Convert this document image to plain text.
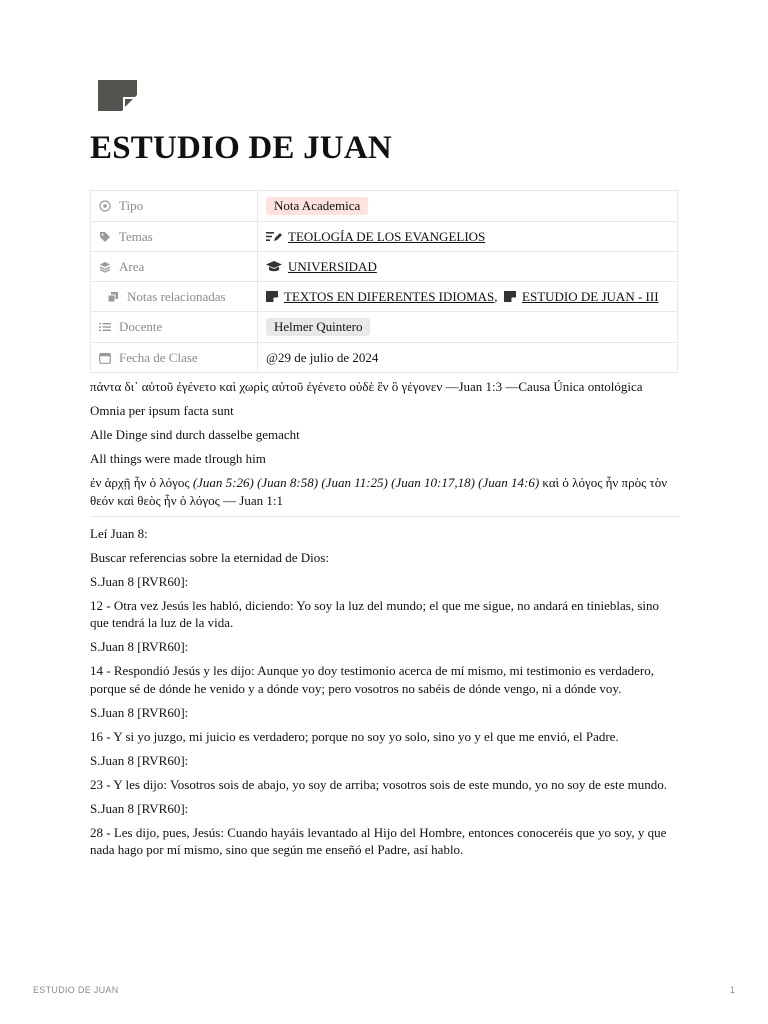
ESTUDIO DE JUAN
Tipo	Nota Academica

Temas	TEOLOGÍA DE LOS EVANGELIOS

Area	UNIVERSIDAD

Notas relacionadas	TEXTOS EN DIFERENTES IDIOMAS, ESTUDIO DE JUAN - III

Docente	Helmer Quintero

Fecha de Clase	@29 de julio de 2024

πάντα δι᾽ αὐτοῦ ἐγένετο καὶ χωρὶς αὐτοῦ ἐγένετο οὐδὲ ἓν ὃ γέγονεν —Juan 1:3 —Causa Única ontológica

Omnia per ipsum facta sunt

Alle Dinge sind durch dasselbe gemacht

All things were made tlrough him

ἐν ἀρχῇ ἦν ὁ λόγος (Juan 5:26) (Juan 8:58) (Juan 11:25) (Juan 10:17,18) (Juan 14:6) καὶ ὁ λόγος ἦν πρὸς τὸν θεόν καὶ θεὸς ἦν ὁ λόγος — Juan 1:1

Leí Juan 8:

Buscar referencias sobre la eternidad de Dios:

S.Juan 8 [RVR60]:

12 - Otra vez Jesús les habló, diciendo: Yo soy la luz del mundo; el que me sigue, no andará en tinieblas, sino que tendrá la luz de la vida.

S.Juan 8 [RVR60]:

14 - Respondió Jesús y les dijo: Aunque yo doy testimonio acerca de mí mismo, mi testimonio es verdadero, porque sé de dónde he venido y a dónde voy; pero vosotros no sabéis de dónde vengo, ni a dónde voy.

S.Juan 8 [RVR60]:

16 - Y si yo juzgo, mi juicio es verdadero; porque no soy yo solo, sino yo y el que me envió, el Padre.

S.Juan 8 [RVR60]:

23 - Y les dijo: Vosotros sois de abajo, yo soy de arriba; vosotros sois de este mundo, yo no soy de este mundo.

S.Juan 8 [RVR60]:

28 - Les dijo, pues, Jesús: Cuando hayáis levantado al Hijo del Hombre, entonces conoceréis que yo soy, y que nada hago por mí mismo, sino que según me enseñó el Padre, así hablo.

ESTUDIO DE JUAN	1
